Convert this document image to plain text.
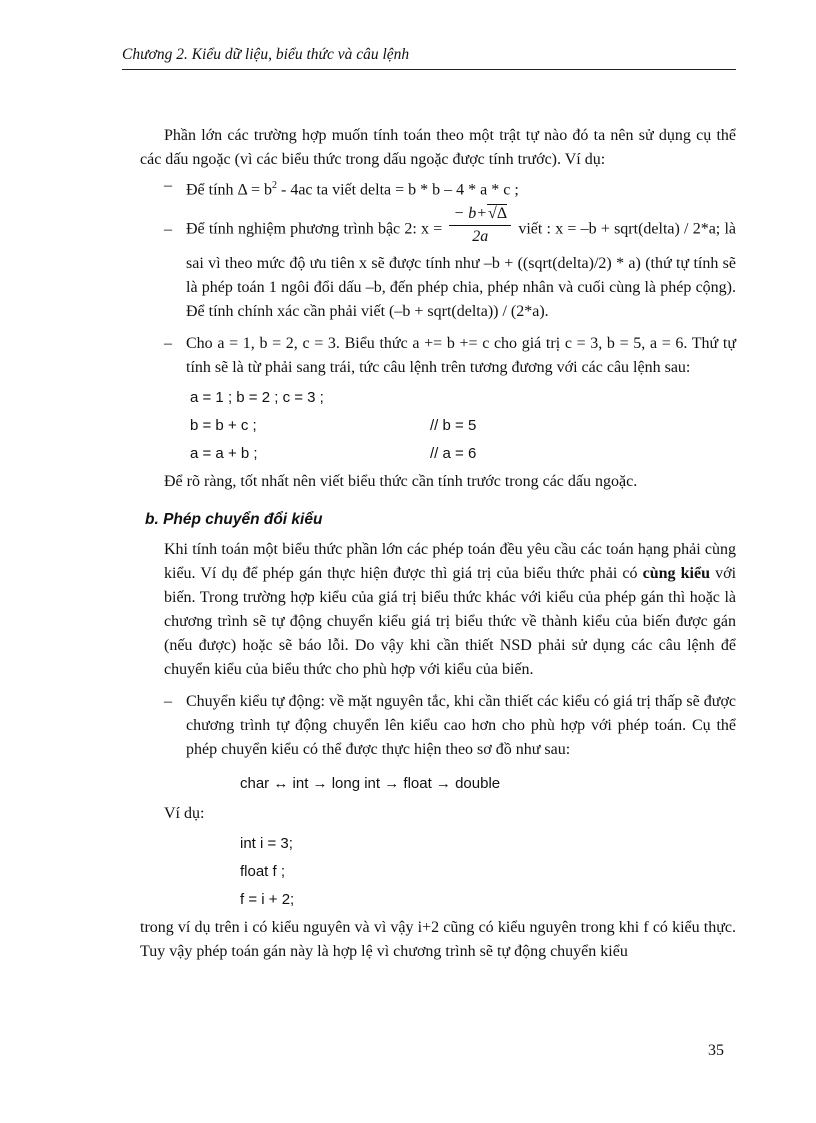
Chương 2. Kiểu dữ liệu, biểu thức và câu lệnh

Phần lớn các trường hợp muốn tính toán theo một trật tự nào đó ta nên sử dụng cụ thể các dấu ngoặc (vì các biểu thức trong dấu ngoặc được tính trước). Ví dụ:

– Để tính $\Delta = b^2 - 4ac$ ta viết delta = b * b – 4 * a * c ;

– Để tính nghiệm phương trình bậc 2: $x = \frac{- b+√\Delta}{2a}$ viết : x = –b + sqrt(delta) / 2*a; là sai vì theo mức độ ưu tiên x sẽ được tính như –b + ((sqrt(delta)/2) * a) (thứ tự tính sẽ là phép toán 1 ngôi đổi dấu –b, đến phép chia, phép nhân và cuối cùng là phép cộng). Để tính chính xác cần phải viết (–b + sqrt(delta)) / (2*a).

– Cho a = 1, b = 2, c = 3. Biểu thức a += b += c cho giá trị c = 3, b = 5, a = 6. Thứ tự tính sẽ là từ phải sang trái, tức câu lệnh trên tương đương với các câu lệnh sau:

a = 1 ; b = 2 ; c = 3 ;
b = b + c ;	// b = 5
a = a + b ;	// a = 6

Để rõ ràng, tốt nhất nên viết biểu thức cần tính trước trong các dấu ngoặc.

b. Phép chuyển đổi kiểu

Khi tính toán một biểu thức phần lớn các phép toán đều yêu cầu các toán hạng phải cùng kiểu. Ví dụ để phép gán thực hiện được thì giá trị của biểu thức phải có cùng kiểu với biến. Trong trường hợp kiểu của giá trị biểu thức khác với kiểu của phép gán thì hoặc là chương trình sẽ tự động chuyển kiểu giá trị biểu thức về thành kiểu của biến được gán (nếu được) hoặc sẽ báo lỗi. Do vậy khi cần thiết NSD phải sử dụng các câu lệnh để chuyển kiểu của biểu thức cho phù hợp với kiểu của biến.

– Chuyển kiểu tự động: về mặt nguyên tắc, khi cần thiết các kiểu có giá trị thấp sẽ được chương trình tự động chuyển lên kiểu cao hơn cho phù hợp với phép toán. Cụ thể phép chuyển kiểu có thể được thực hiện theo sơ đồ như sau:

char ↔ int → long int → float → double

Ví dụ:

int i = 3;
float f ;
f = i + 2;

trong ví dụ trên i có kiểu nguyên và vì vậy i+2 cũng có kiểu nguyên trong khi f có kiểu thực. Tuy vậy phép toán gán này là hợp lệ vì chương trình sẽ tự động chuyển kiểu

35
